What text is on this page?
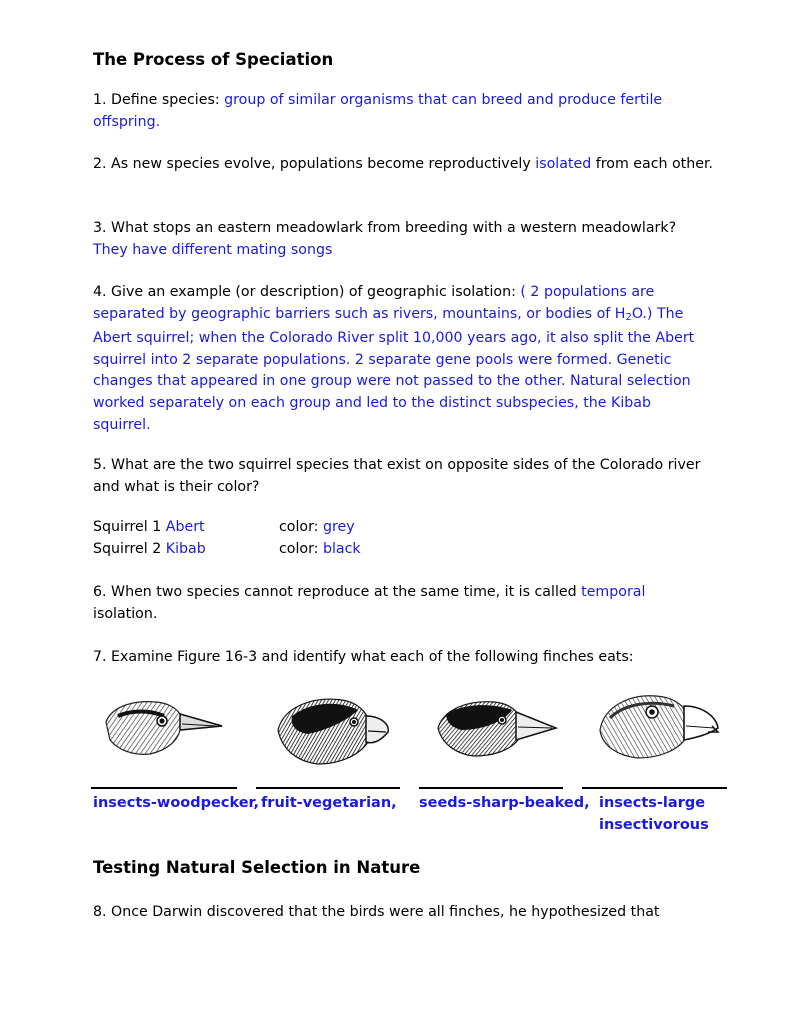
The Process of Speciation

1. Define species: group of similar organisms that can breed and produce fertile offspring.

2. As new species evolve, populations become reproductively isolated from each other.

3. What stops an eastern meadowlark from breeding with a western meadowlark?
They have different mating songs

4. Give an example (or description) of geographic isolation: ( 2 populations are separated by geographic barriers such as rivers, mountains, or bodies of $H_2O$.) The Abert squirrel; when the Colorado River split 10,000 years ago, it also split the Abert squirrel into 2 separate populations. 2 separate gene pools were formed. Genetic changes that appeared in one group were not passed to the other. Natural selection worked separately on each group and led to the distinct subspecies, the Kibab squirrel.

5. What are the two squirrel species that exist on opposite sides of the Colorado river and what is their color?

Squirrel 1 Abert	color: grey
Squirrel 2 Kibab	color: black

6. When two species cannot reproduce at the same time, it is called temporal isolation.

7. Examine Figure 16-3 and identify what each of the following finches eats:

insects-woodpecker, fruit-vegetarian, seeds-sharp-beaked, insects-large
insectivorous
Testing Natural Selection in Nature

8. Once Darwin discovered that the birds were all finches, he hypothesized that
